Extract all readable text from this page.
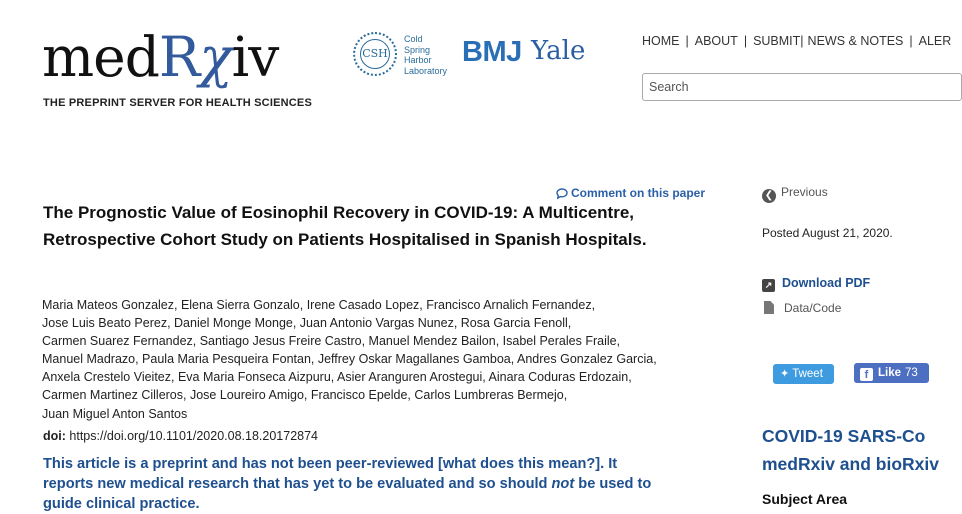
medRχiv
THE PREPRINT SERVER FOR HEALTH SCIENCES
CSH
Cold
Spring
Harbor
Laboratory
BMJ Yale	HOME | ABOUT | SUBMIT| NEWS & NOTES | ALER
Search
Comment on this paper
The Prognostic Value of Eosinophil Recovery in COVID-19: A Multicentre, Retrospective Cohort Study on Patients Hospitalised in Spanish Hospitals.
Maria Mateos Gonzalez, Elena Sierra Gonzalo, Irene Casado Lopez, Francisco Arnalich Fernandez,
Jose Luis Beato Perez, Daniel Monge Monge, Juan Antonio Vargas Nunez, Rosa Garcia Fenoll,
Carmen Suarez Fernandez, Santiago Jesus Freire Castro, Manuel Mendez Bailon, Isabel Perales Fraile,
Manuel Madrazo, Paula Maria Pesqueira Fontan, Jeffrey Oskar Magallanes Gamboa, Andres Gonzalez Garcia,
Anxela Crestelo Vieitez, Eva Maria Fonseca Aizpuru, Asier Aranguren Arostegui, Ainara Coduras Erdozain,
Carmen Martinez Cilleros, Jose Loureiro Amigo, Francisco Epelde, Carlos Lumbreras Bermejo,
Juan Miguel Anton Santos
doi: https://doi.org/10.1101/2020.08.18.20172874
This article is a preprint and has not been peer-reviewed [what does this mean?]. It
reports new medical research that has yet to be evaluated and so should not be used to
guide clinical practice.
❮ Previous
Posted August 21, 2020.
↗ Download PDF
Data/Code
✦ Tweet	f Like 73
COVID-19 SARS-Co
medRxiv and bioRxiv
Subject Area
